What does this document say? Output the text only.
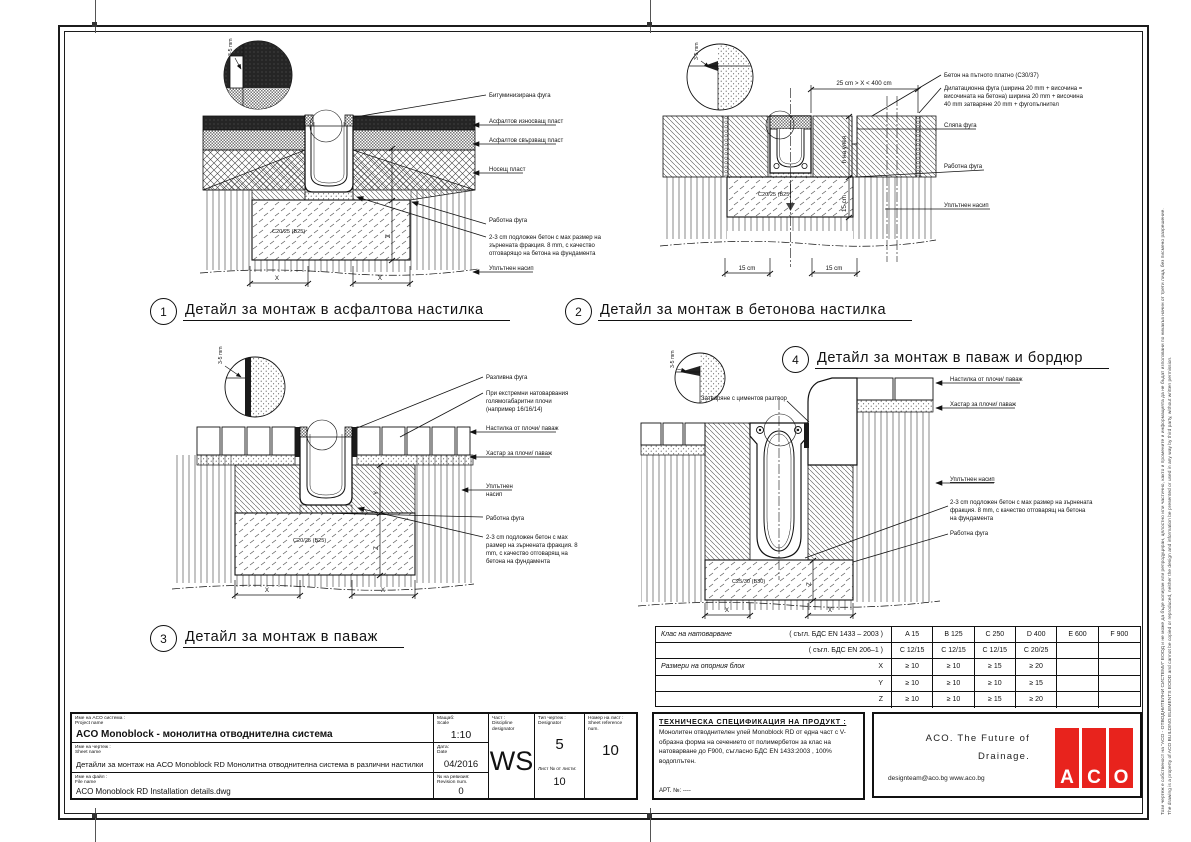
3-5 mm
C20/25 (B25)
Z
X	X
Битуминизирана фуга
Асфалтов износващ пласт
Асфалтов свързващ пласт
Носещ пласт
Работна фуга
2-3 cm подложен бетон с мах размер на
зърнената фракция. 8 mm, с качество
отговарящо на бетона на фундамента
Уплътнен насип
3-5 mm
C20/25 (B25)
25 cm > X < 400 cm
h на улея
15 cm
15 cm	15 cm
Бетон на пътното платно (C30/37)
Дилатационна фуга (ширина 20 mm + височина =
височината на бетона) ширина 20 mm + височина
40 mm затваряне 20 mm + фугопълнител
Сляпа фуга
Работна фуга
Уплътнен насип
3-5 mm
C20/25 (B25)
Y
Z
X	X
Разливна фуга
При екстремни натоварвания
голямогабаритни плочи
(например 16/16/14)
Настилка от плочи/ паваж
Хастар за плочи/ паваж
Уплътнен
насип
Работна фуга
2-3 cm подложен бетон с мах
размер на зърнената фракция. 8
mm, с качество отговарящ на
бетона на фундамента
C25/30 (B30)	Z
X	X
3-5 mm
Затваряне с циментов разтвор
Настилка от плочи/ паваж
Хастар за плочи/ паваж
Уплътнен насип
2-3 cm подложен бетон с мах размер на зърнената
фракция. 8 mm, с качество отговарящ на бетона
на фундамента
Работна фуга
1	Детайл за монтаж в асфалтова настилка	2	Детайл за монтаж в бетонова настилка
3	Детайл за монтаж в паваж
4	Детайл за монтаж в паваж и бордюр
Клас на натоварване	( съгл. БДС EN 1433 – 2003 )	A 15	B 125	C 250	D 400	E 600	F 900
( съгл. БДС EN 206–1 )	C 12/15	C 12/15	C 12/15	C 20/25
Размери на опорния блок	X	≥ 10	≥ 10	≥ 15	≥ 20
Y	≥ 10	≥ 10	≥ 10	≥ 15
Z	≥ 10	≥ 10	≥ 15	≥ 20
Име на ACO система :
Project name
ACO Monoblock - монолитна отводнителна система
Име на чертеж :
Sheet name
Детайли за монтаж на ACO Monoblock RD Монолитна отводнителна система в различни настилки
Име на файл :
File name
ACO Monoblock RD Installation details.dwg
Мащаб:
Scale
1:10
Дата:
Date
04/2016
№ на ревизия:
Revision num.
0
Част :
Discipline designator
WS
Тип чертеж :
Designator
5
Лист № от листи:
10
Номер на лист :
Sheet reference num.
10
ТЕХНИЧЕСКА СПЕЦИФИКАЦИЯ НА ПРОДУКТ :
Монолитен отводнителен улей Monoblock RD от една част с V-образна форма на сечението от полимербетон за клас на натоварване до F900, съгласно БДС EN 1433:2003 , 100% водоплътен.
АРТ. №: ----
ACO. The Future of
Drainage.
designteam@aco.bg www.aco.bg	A C O	Този чертеж е собственост на "АСО - ОТВОДНИТЕЛНИ СИСТЕМИ" ЕООД и не може да бъде копиран или репродуциран, цялостно или частично, както и промените и информацията да не бъдат използвани по никакъв начин от трети лица, без писмено разрешение. The drawing is a property of ACO BUILDING ELEMENTS EOOD and cannot be copied or reproduced, neither the design and information be presented or used in any way by third party, without written permission.
